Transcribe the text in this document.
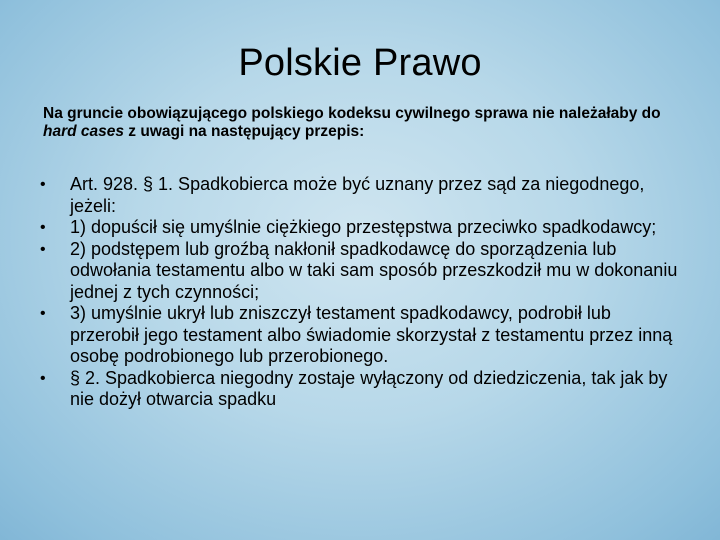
Polskie Prawo
Na gruncie obowiązującego polskiego kodeksu cywilnego sprawa nie należałaby do hard cases z uwagi na następujący przepis:
•	Art. 928. § 1. Spadkobierca może być uznany przez sąd za niegodnego, jeżeli:
•	1) dopuścił się umyślnie ciężkiego przestępstwa przeciwko spadkodawcy;
•	2) podstępem lub groźbą nakłonił spadkodawcę do sporządzenia lub odwołania testamentu albo w taki sam sposób przeszkodził mu w dokonaniu jednej z tych czynności;
•	3) umyślnie ukrył lub zniszczył testament spadkodawcy, podrobił lub przerobił jego testament albo świadomie skorzystał z testamentu przez inną osobę podrobionego lub przerobionego.
•	§ 2. Spadkobierca niegodny zostaje wyłączony od dziedziczenia, tak jak by nie dożył otwarcia spadku
